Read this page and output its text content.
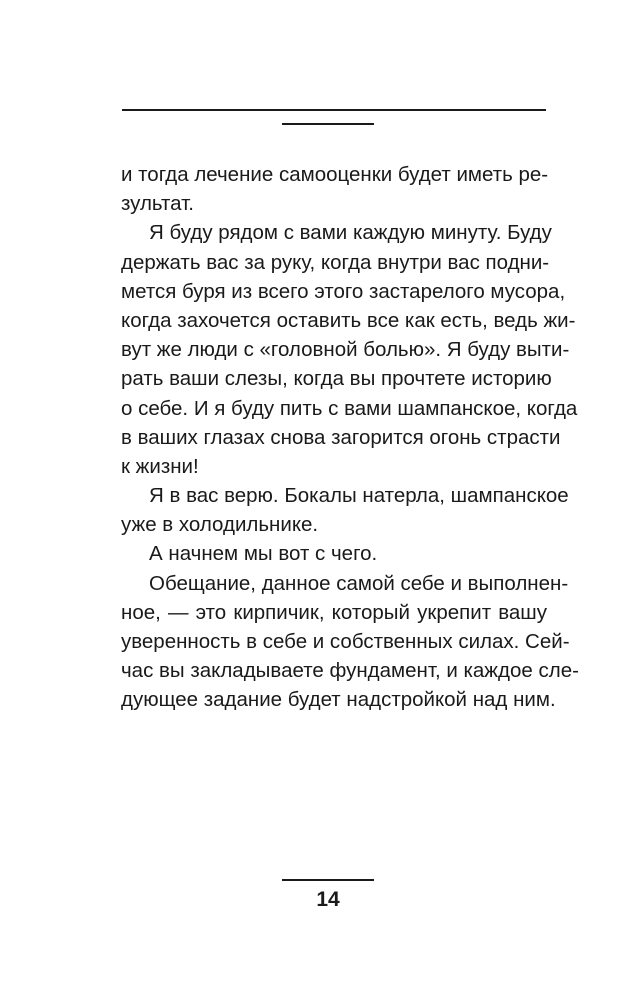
и тогда лечение самооценки будет иметь ре-
зультат.
Я буду рядом с вами каждую минуту. Буду
держать вас за руку, когда внутри вас подни-
мется буря из всего этого застарелого мусора,
когда захочется оставить все как есть, ведь жи-
вут же люди с «головной болью». Я буду выти-
рать ваши слезы, когда вы прочтете историю
о себе. И я буду пить с вами шампанское, когда
в ваших глазах снова загорится огонь страсти
к жизни!
Я в вас верю. Бокалы натерла, шампанское
уже в холодильнике.
А начнем мы вот с чего.
Обещание, данное самой себе и выполнен-
ное, — это кирпичик, который укрепит вашу
уверенность в себе и собственных силах. Сей-
час вы закладываете фундамент, и каждое сле-
дующее задание будет надстройкой над ним.
14
